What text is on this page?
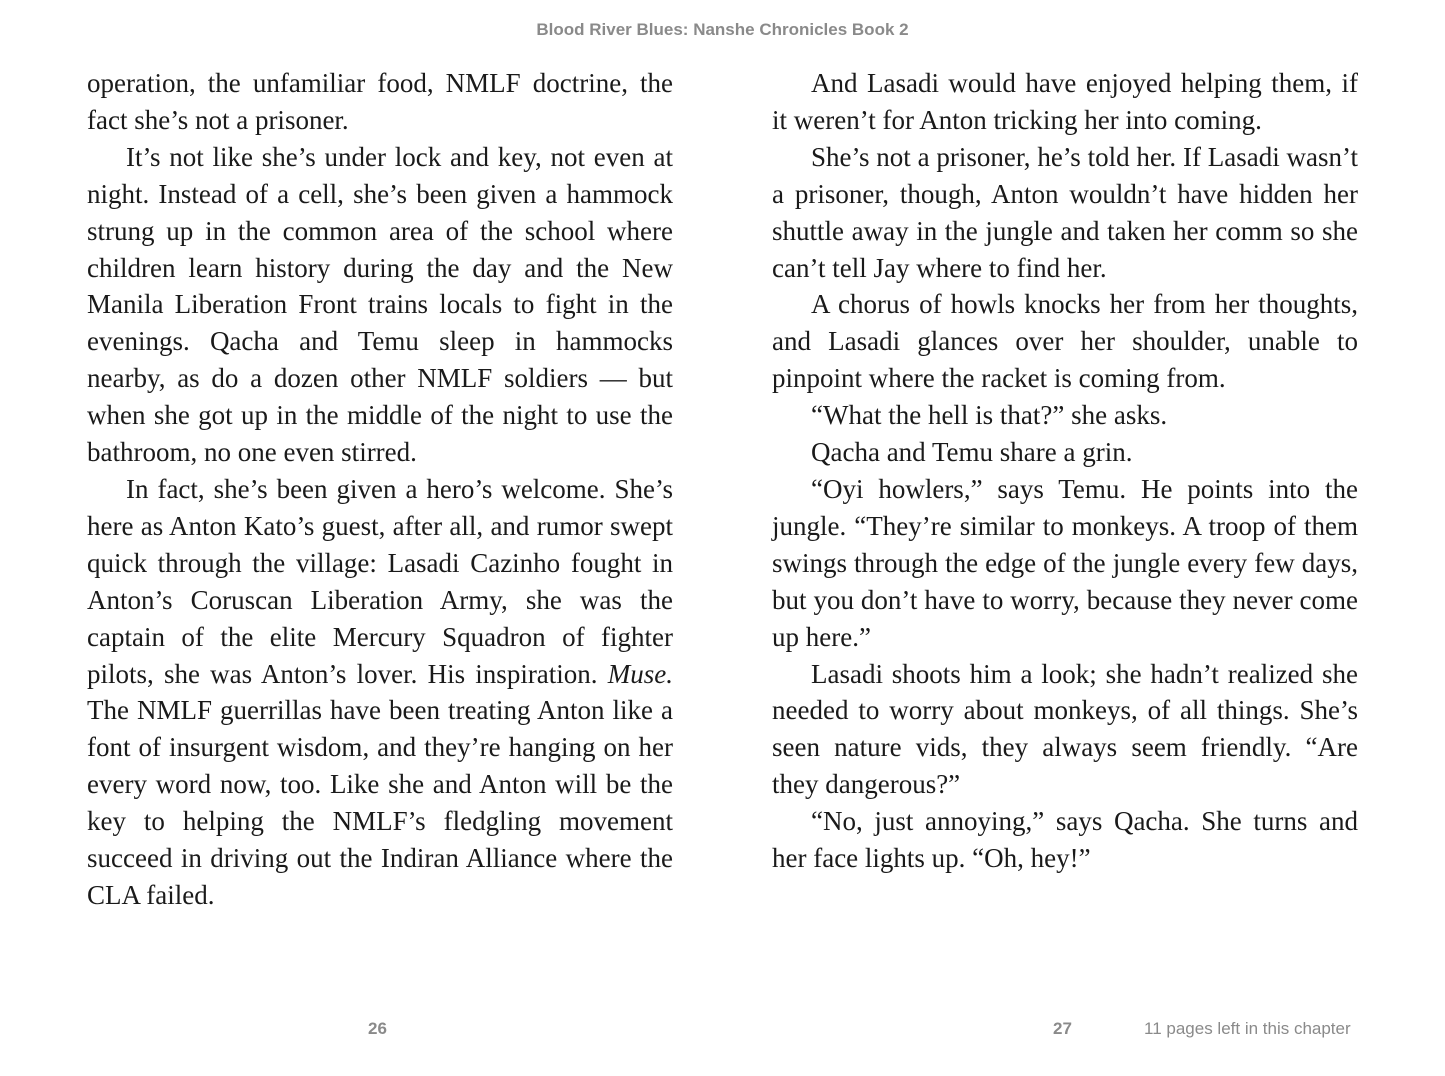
Blood River Blues: Nanshe Chronicles Book 2

operation, the unfamiliar food, NMLF doctrine, the fact she’s not a prisoner.

It’s not like she’s under lock and key, not even at night. Instead of a cell, she’s been given a hammock strung up in the common area of the school where children learn history during the day and the New Manila Liberation Front trains locals to fight in the evenings. Qacha and Temu sleep in hammocks nearby, as do a dozen other NMLF soldiers — but when she got up in the middle of the night to use the bathroom, no one even stirred.

In fact, she’s been given a hero’s welcome. She’s here as Anton Kato’s guest, after all, and rumor swept quick through the village: Lasadi Cazinho fought in Anton’s Coruscan Liberation Army, she was the captain of the elite Mercury Squadron of fighter pilots, she was Anton’s lover. His inspiration. Muse. The NMLF guerrillas have been treating Anton like a font of insurgent wisdom, and they’re hanging on her every word now, too. Like she and Anton will be the key to helping the NMLF’s fledgling movement succeed in driving out the Indiran Alliance where the CLA failed.

And Lasadi would have enjoyed helping them, if it weren’t for Anton tricking her into coming.

She’s not a prisoner, he’s told her. If Lasadi wasn’t a prisoner, though, Anton wouldn’t have hidden her shuttle away in the jungle and taken her comm so she can’t tell Jay where to find her.

A chorus of howls knocks her from her thoughts, and Lasadi glances over her shoulder, unable to pinpoint where the racket is coming from.

“What the hell is that?” she asks.

Qacha and Temu share a grin.

“Oyi howlers,” says Temu. He points into the jungle. “They’re similar to monkeys. A troop of them swings through the edge of the jungle every few days, but you don’t have to worry, because they never come up here.”

Lasadi shoots him a look; she hadn’t realized she needed to worry about monkeys, of all things. She’s seen nature vids, they always seem friendly. “Are they dangerous?”

“No, just annoying,” says Qacha. She turns and her face lights up. “Oh, hey!”

26	27	11 pages left in this chapter
